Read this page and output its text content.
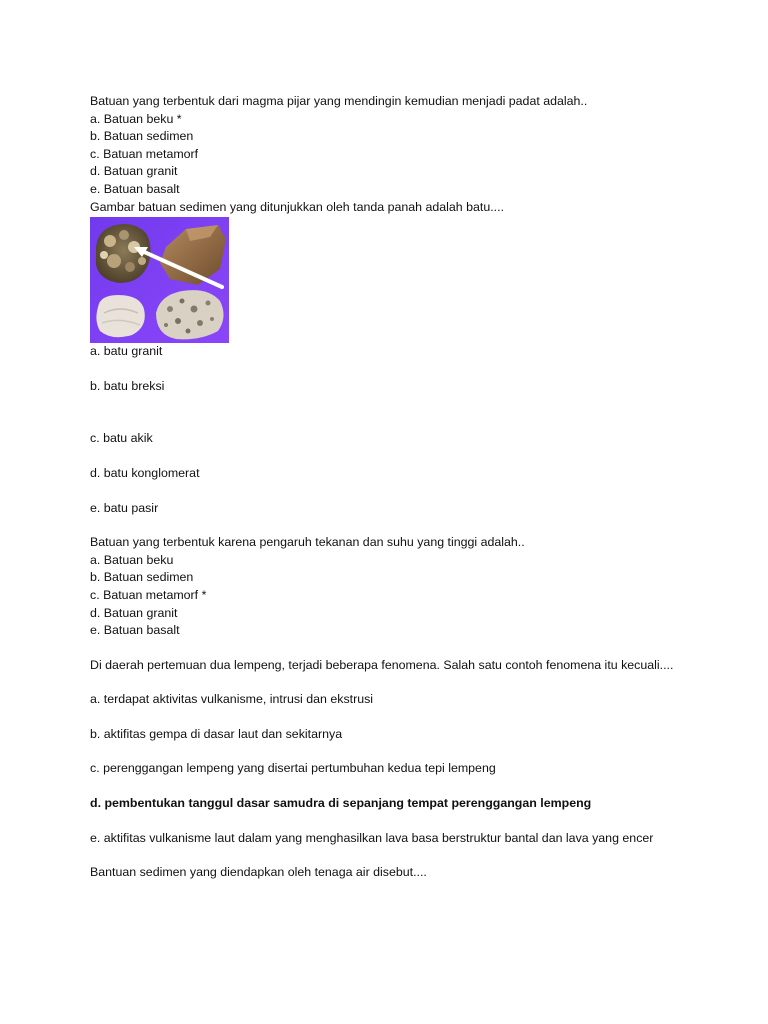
Batuan yang terbentuk dari magma pijar yang mendingin kemudian menjadi padat adalah..
a. Batuan beku *
b. Batuan sedimen
c. Batuan metamorf
d. Batuan granit
e. Batuan basalt
Gambar batuan sedimen yang ditunjukkan oleh tanda panah adalah batu....
a. batu granit
b. batu breksi
c. batu akik
d. batu konglomerat
e. batu pasir
Batuan yang terbentuk karena pengaruh tekanan dan suhu yang tinggi adalah..
a. Batuan beku
b. Batuan sedimen
c. Batuan metamorf *
d. Batuan granit
e. Batuan basalt
Di daerah pertemuan dua lempeng, terjadi beberapa fenomena. Salah satu contoh fenomena itu kecuali....
a. terdapat aktivitas vulkanisme, intrusi dan ekstrusi
b. aktifitas gempa di dasar laut dan sekitarnya
c. perenggangan lempeng yang disertai pertumbuhan kedua tepi lempeng
d. pembentukan tanggul dasar samudra di sepanjang tempat perenggangan lempeng
e. aktifitas vulkanisme laut dalam yang menghasilkan lava basa berstruktur bantal dan lava yang encer
Bantuan sedimen yang diendapkan oleh tenaga air disebut....
